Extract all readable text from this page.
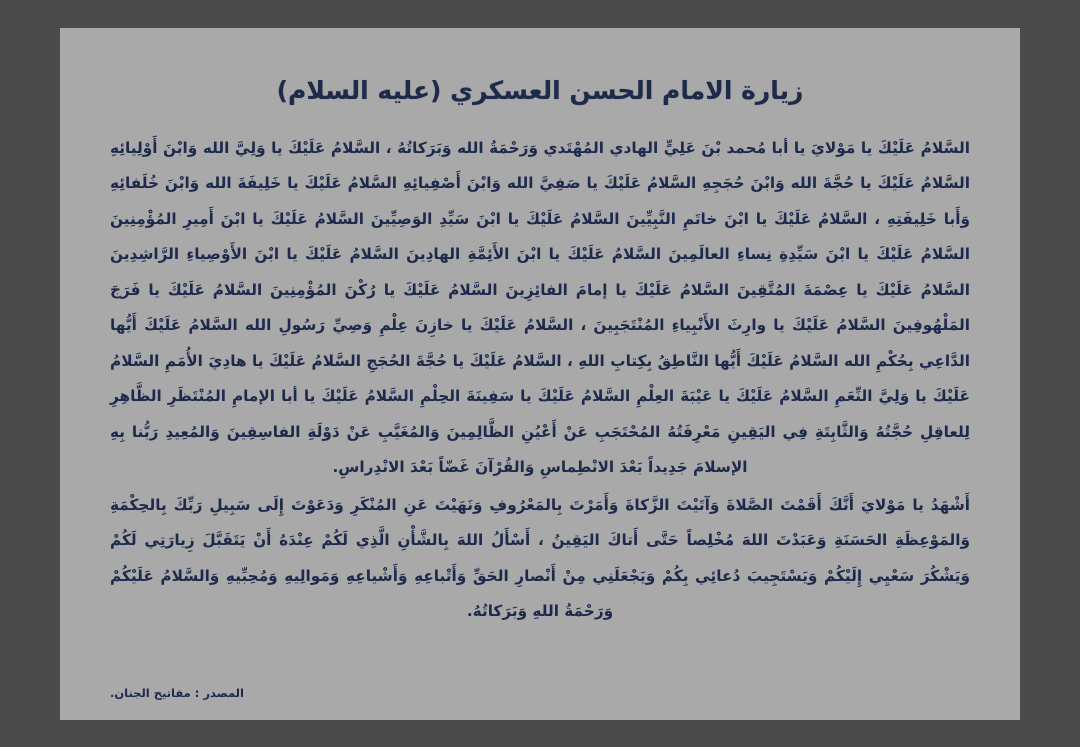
زيارة الامام الحسن العسكري (عليه السلام)

السَّلامُ عَلَيْكَ يا مَوْلايَ يا أبا مُحمد بْنَ عَلِيٍّ الهادي المُهْتَدي وَرَحْمَةُ الله وَبَرَكاتُهُ ، السَّلامُ عَلَيْكَ يا وَلِيَّ الله وَابْنَ أَوْلِيائِهِ السَّلامُ عَلَيْكَ يا حُجَّةَ الله وَابْنَ حُجَجِهِ السَّلامُ عَلَيْكَ يا صَفِيَّ الله وَابْنَ أَصْفِيائِهِ السَّلامُ عَلَيْكَ يا خَلِيفَةَ الله وَابْنَ خُلَفائِهِ وَأَبا خَلِيفَتِهِ ، السَّلامُ عَلَيْكَ يا ابْنَ خاتَمِ النَّبِيِّينَ السَّلامُ عَلَيْكَ يا ابْنَ سَيِّدِ الوَصِيِّينَ السَّلامُ عَلَيْكَ يا ابْنَ أَمِيرِ المُؤْمِنِينَ السَّلامُ عَلَيْكَ يا ابْنَ سَيِّدِةِ نِساءِ العالَمِينَ السَّلامُ عَلَيْكَ يا ابْنَ الأَئِمَّةِ الهادِينَ السَّلامُ عَلَيْكَ يا ابْنَ الأَوْصِياءِ الرَّاشِدِينَ السَّلامُ عَلَيْكَ يا عِصْمَةَ المُتَّقِينَ السَّلامُ عَلَيْكَ يا إمامَ الفائِزِينَ السَّلامُ عَلَيْكَ يا رُكْنَ المُؤْمِنِينَ السَّلامُ عَلَيْكَ يا فَرَجَ المَلْهُوفِينَ السَّلامُ عَلَيْكَ يا وارِثَ الأَنْبِياءِ المُنْتَجَبِينَ ، السَّلامُ عَلَيْكَ يا خازِنَ عِلْمِ وَصِيِّ رَسُولِ الله السَّلامُ عَلَيْكَ أَيُّها الدَّاعِي بِحُكْمِ الله السَّلامُ عَلَيْكَ أَيُّها النَّاطِقُ بِكِتابِ اللهِ ، السَّلامُ عَلَيْكَ يا حُجَّةَ الحُجَجِ السَّلامُ عَلَيْكَ يا هادِيَ الأُمَمِ السَّلامُ عَلَيْكَ يا وَلِيَّ النِّعَمِ السَّلامُ عَلَيْكَ يا عَيْبَةَ العِلْمِ السَّلامُ عَلَيْكَ يا سَفِينَةَ الحِلْمِ السَّلامُ عَلَيْكَ يا أبا الإمامِ المُنْتَظَرِ الظَّاهِرِ لِلعاقِلِ حُجَّتُهُ وَالثَّابِتَةِ فِي اليَقِينِ مَعْرِفَتُهُ المُحْتَجَبِ عَنْ أَعْيُنِ الظَّالِمِينَ وَالمُغَيَّبِ عَنْ دَوْلَةِ الفاسِقِينَ وَالمُعِيدِ رَبُّنا بِهِ الإسلامَ جَدِيداً بَعْدَ الانْطِماسِ وَالقُرْآنَ غَضّاً بَعْدَ الانْدِراسِ.

أَشْهَدُ يا مَوْلايَ أَنَّكَ أَقَمْتَ الصَّلاةَ وَآتَيْتَ الزَّكاةَ وَأَمَرْتَ بِالمَعْرُوفِ وَنَهَيْتَ عَنِ المُنْكَرِ وَدَعَوْتَ إِلَى سَبِيلِ رَبِّكَ بِالحِكْمَةِ وَالمَوْعِظَةِ الحَسَنَةِ وَعَبَدْتَ اللهَ مُخْلِصاً حَتَّى أَتاكَ اليَقِينُ ، أَسْأَلُ اللهَ بِالشَّأْنِ الَّذِي لَكُمْ عِنْدَهُ أَنْ يَتَقَبَّلَ زِيارَتِي لَكُمْ وَيَشْكُرَ سَعْيِي إِلَيْكُمْ وَيَسْتَجِيبَ دُعائِي بِكُمْ وَيَجْعَلَنِي مِنْ أَنْصارِ الحَقِّ وَأَتْباعِهِ وَأَشْياعِهِ وَمَوالِيهِ وَمُحِبِّيهِ وَالسَّلامُ عَلَيْكُمْ وَرَحْمَةُ اللهِ وَبَرَكاتُهُ.

المصدر : مفاتيح الجنان.
